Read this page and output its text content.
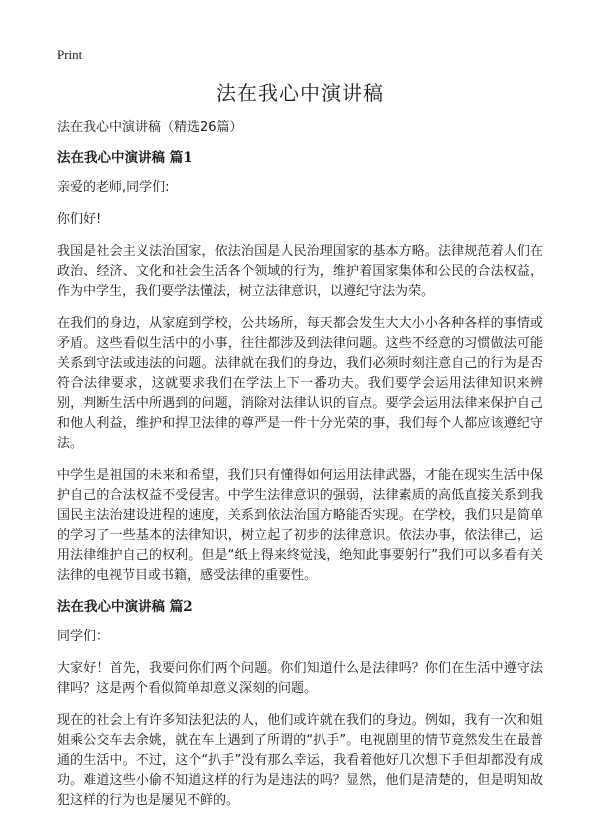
Print
法在我心中演讲稿

法在我心中演讲稿（精选26篇）

法在我心中演讲稿 篇1

亲爱的老师,同学们:

你们好!

我国是社会主义法治国家，依法治国是人民治理国家的基本方略。法律规范着人们在政治、经济、文化和社会生活各个领域的行为，维护着国家集体和公民的合法权益，作为中学生，我们要学法懂法，树立法律意识，以遵纪守法为荣。

在我们的身边，从家庭到学校，公共场所，每天都会发生大大小小各种各样的事情或矛盾。这些看似生活中的小事，往往都涉及到法律问题。这些不经意的习惯做法可能关系到守法或违法的问题。法律就在我们的身边，我们必须时刻注意自己的行为是否符合法律要求，这就要求我们在学法上下一番功夫。我们要学会运用法律知识来辨别，判断生活中所遇到的问题，消除对法律认识的盲点。要学会运用法律来保护自己和他人利益，维护和捍卫法律的尊严是一件十分光荣的事，我们每个人都应该遵纪守法。

中学生是祖国的未来和希望，我们只有懂得如何运用法律武器，才能在现实生活中保护自己的合法权益不受侵害。中学生法律意识的强弱，法律素质的高低直接关系到我国民主法治建设进程的速度，关系到依法治国方略能否实现。在学校，我们只是简单的学习了一些基本的法律知识，树立起了初步的法律意识。依法办事，依法律己，运用法律维护自己的权利。但是“纸上得来终觉浅，绝知此事要躬行”我们可以多看有关法律的电视节目或书籍，感受法律的重要性。

法在我心中演讲稿 篇2

同学们：

大家好！首先，我要问你们两个问题。你们知道什么是法律吗？你们在生活中遵守法律吗？这是两个看似简单却意义深刻的问题。

现在的社会上有许多知法犯法的人，他们或许就在我们的身边。例如，我有一次和姐姐乘公交车去余姚，就在车上遇到了所谓的“扒手”。电视剧里的情节竟然发生在最普通的生活中。不过，这个“扒手”没有那么幸运，我看着他好几次想下手但却都没有成功。难道这些小偷不知道这样的行为是违法的吗？显然，他们是清楚的，但是明知故犯这样的行为也是屡见不鲜的。
